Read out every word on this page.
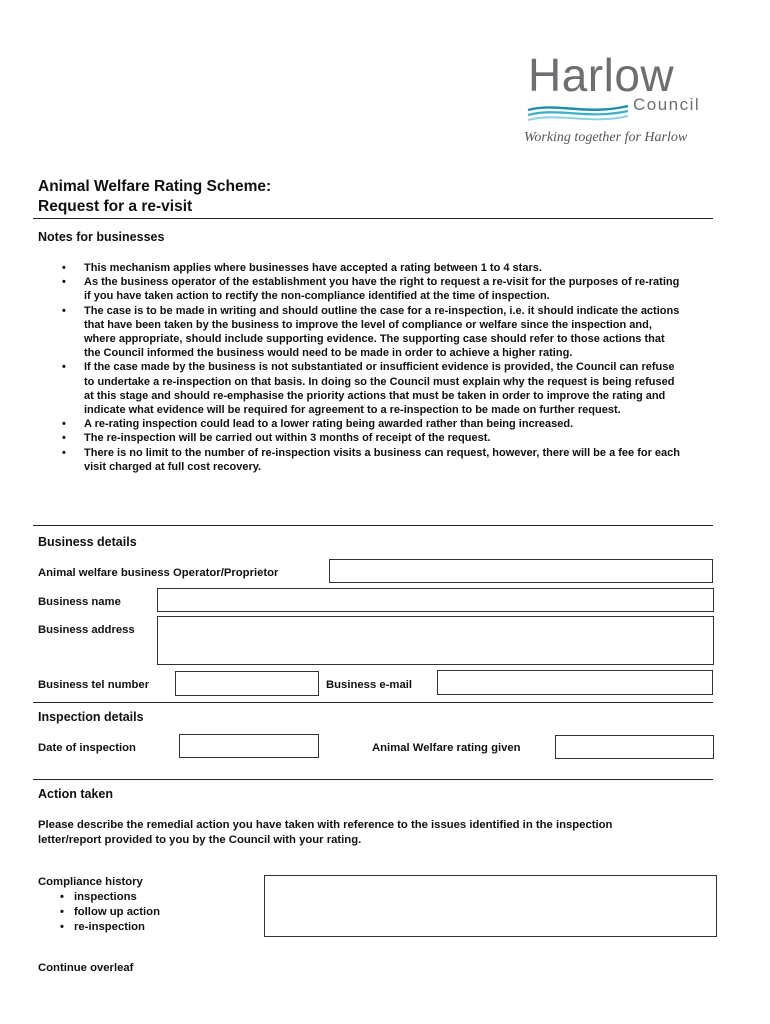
Harlow
Council
Working together for Harlow
Animal Welfare Rating Scheme:
Request for a re-visit
Notes for businesses
• This mechanism applies where businesses have accepted a rating between 1 to 4 stars.
• As the business operator of the establishment you have the right to request a re-visit for the purposes of re-rating if you have taken action to rectify the non-compliance identified at the time of inspection.
• The case is to be made in writing and should outline the case for a re-inspection, i.e. it should indicate the actions that have been taken by the business to improve the level of compliance or welfare since the inspection and, where appropriate, should include supporting evidence. The supporting case should refer to those actions that the Council informed the business would need to be made in order to achieve a higher rating.
• If the case made by the business is not substantiated or insufficient evidence is provided, the Council can refuse to undertake a re-inspection on that basis. In doing so the Council must explain why the request is being refused at this stage and should re-emphasise the priority actions that must be taken in order to improve the rating and indicate what evidence will be required for agreement to a re-inspection to be made on further request.
• A re-rating inspection could lead to a lower rating being awarded rather than being increased.
• The re-inspection will be carried out within 3 months of receipt of the request.
• There is no limit to the number of re-inspection visits a business can request, however, there will be a fee for each visit charged at full cost recovery.
Business details
Animal welfare business Operator/Proprietor
Business name
Business address
Business tel number	Business e-mail
Inspection details
Date of inspection	Animal Welfare rating given
Action taken
Please describe the remedial action you have taken with reference to the issues identified in the inspection letter/report provided to you by the Council with your rating.
Compliance history
• inspections
• follow up action
• re-inspection
Continue overleaf
